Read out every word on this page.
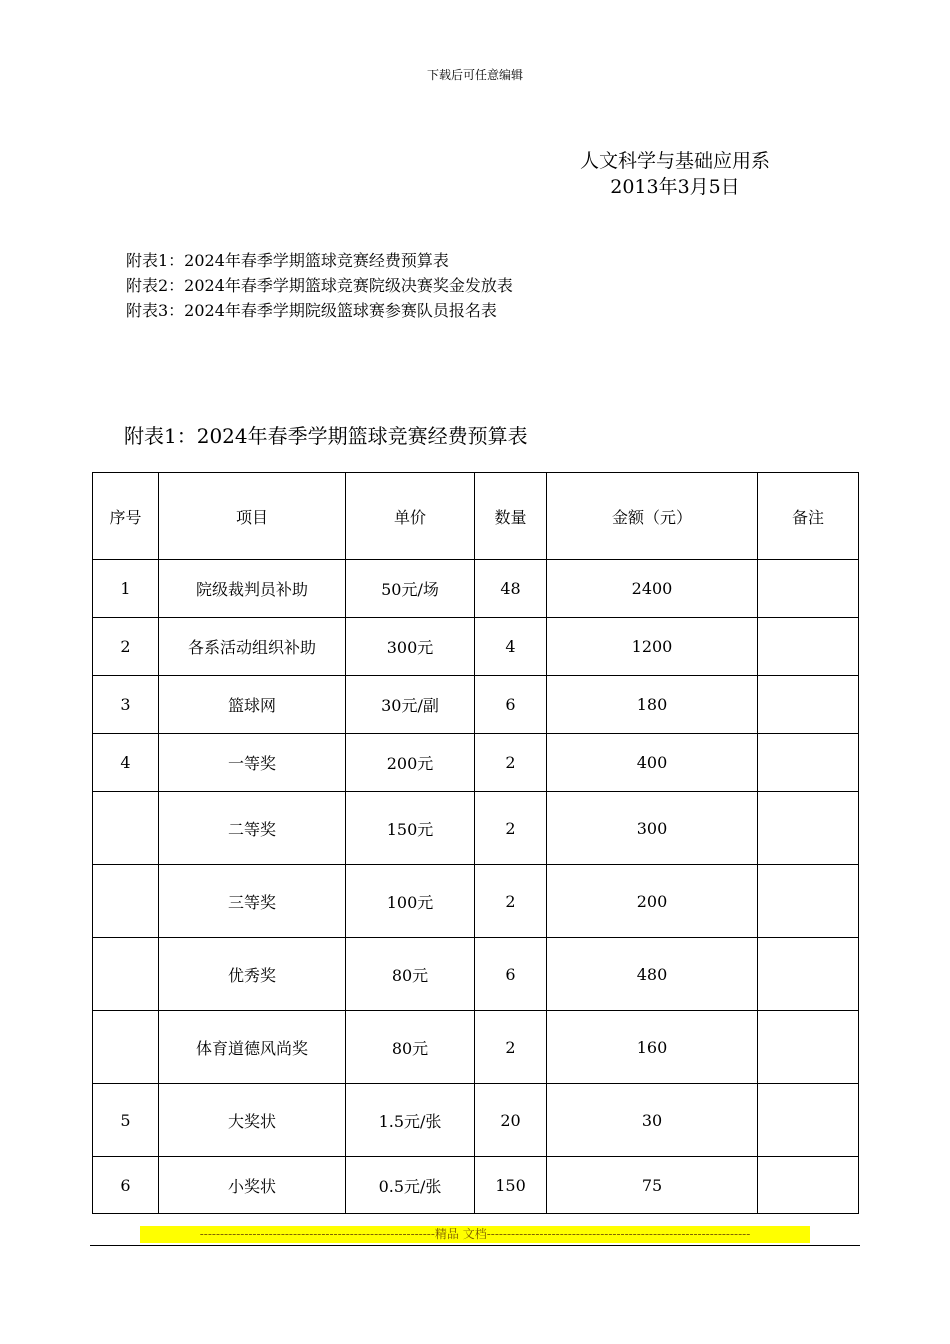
下载后可任意编辑
人文科学与基础应用系
2013年3月5日
附表1：2024年春季学期篮球竞赛经费预算表
附表2：2024年春季学期篮球竞赛院级决赛奖金发放表
附表3：2024年春季学期院级篮球赛参赛队员报名表
附表1：2024年春季学期篮球竞赛经费预算表
序号	项目	单价	数量	金额（元）	备注
1	院级裁判员补助	50元/场	48	2400	
2	各系活动组织补助	300元	4	1200	
3	篮球网	30元/副	6	180	
4	一等奖	200元	2	400	
	二等奖	150元	2	300	
	三等奖	100元	2	200	
	优秀奖	80元	6	480	
	体育道德风尚奖	80元	2	160	
5	大奖状	1.5元/张	20	30	
6	小奖状	0.5元/张	150	75	
----------------------------------------------------------精品 文档-----------------------------------------------------------------
